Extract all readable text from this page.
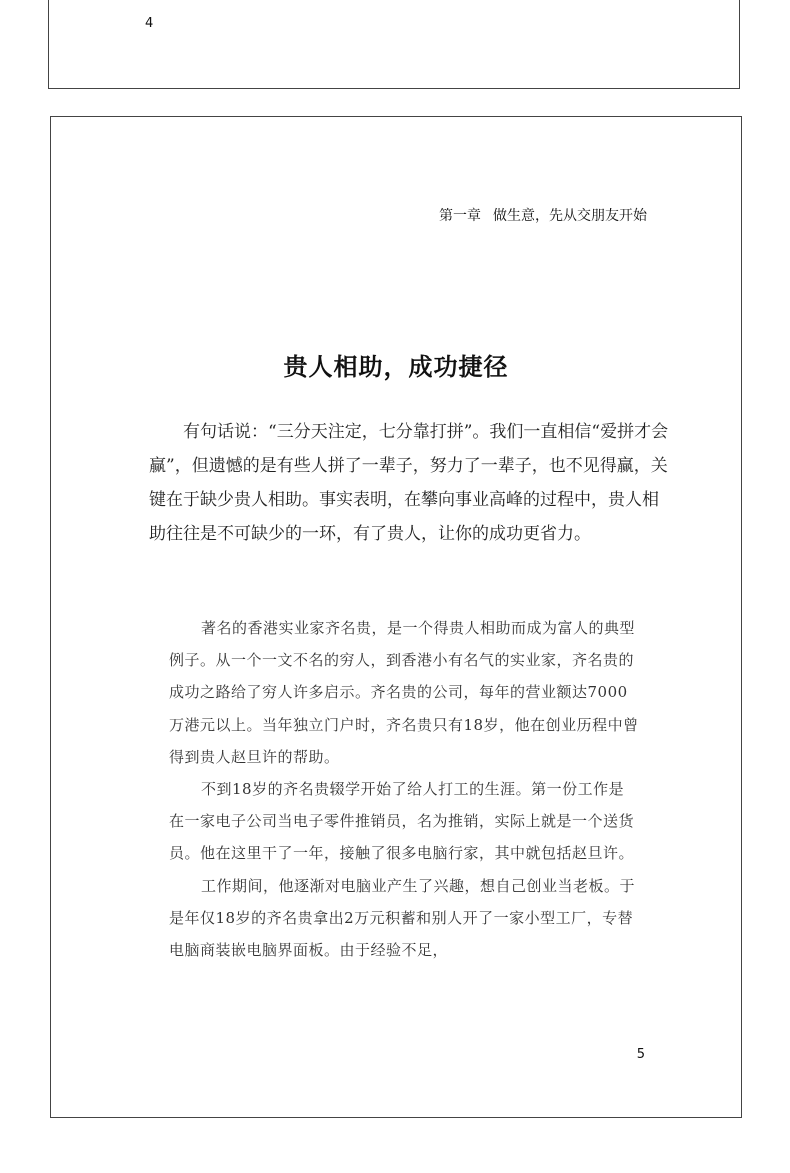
4
第一章 做生意，先从交朋友开始
贵人相助，成功捷径

有句话说：“三分天注定，七分靠打拼”。我们一直相信“爱拼才会赢”，但遗憾的是有些人拼了一辈子，努力了一辈子，也不见得赢，关键在于缺少贵人相助。事实表明，在攀向事业高峰的过程中，贵人相助往往是不可缺少的一环，有了贵人，让你的成功更省力。

著名的香港实业家齐名贵，是一个得贵人相助而成为富人的典型例子。从一个一文不名的穷人，到香港小有名气的实业家，齐名贵的成功之路给了穷人许多启示。齐名贵的公司，每年的营业额达7000万港元以上。当年独立门户时，齐名贵只有18岁，他在创业历程中曾得到贵人赵旦许的帮助。

不到18岁的齐名贵辍学开始了给人打工的生涯。第一份工作是在一家电子公司当电子零件推销员，名为推销，实际上就是一个送货员。他在这里干了一年，接触了很多电脑行家，其中就包括赵旦许。

工作期间，他逐渐对电脑业产生了兴趣，想自己创业当老板。于是年仅18岁的齐名贵拿出2万元积蓄和别人开了一家小型工厂，专替电脑商装嵌电脑界面板。由于经验不足，

5
